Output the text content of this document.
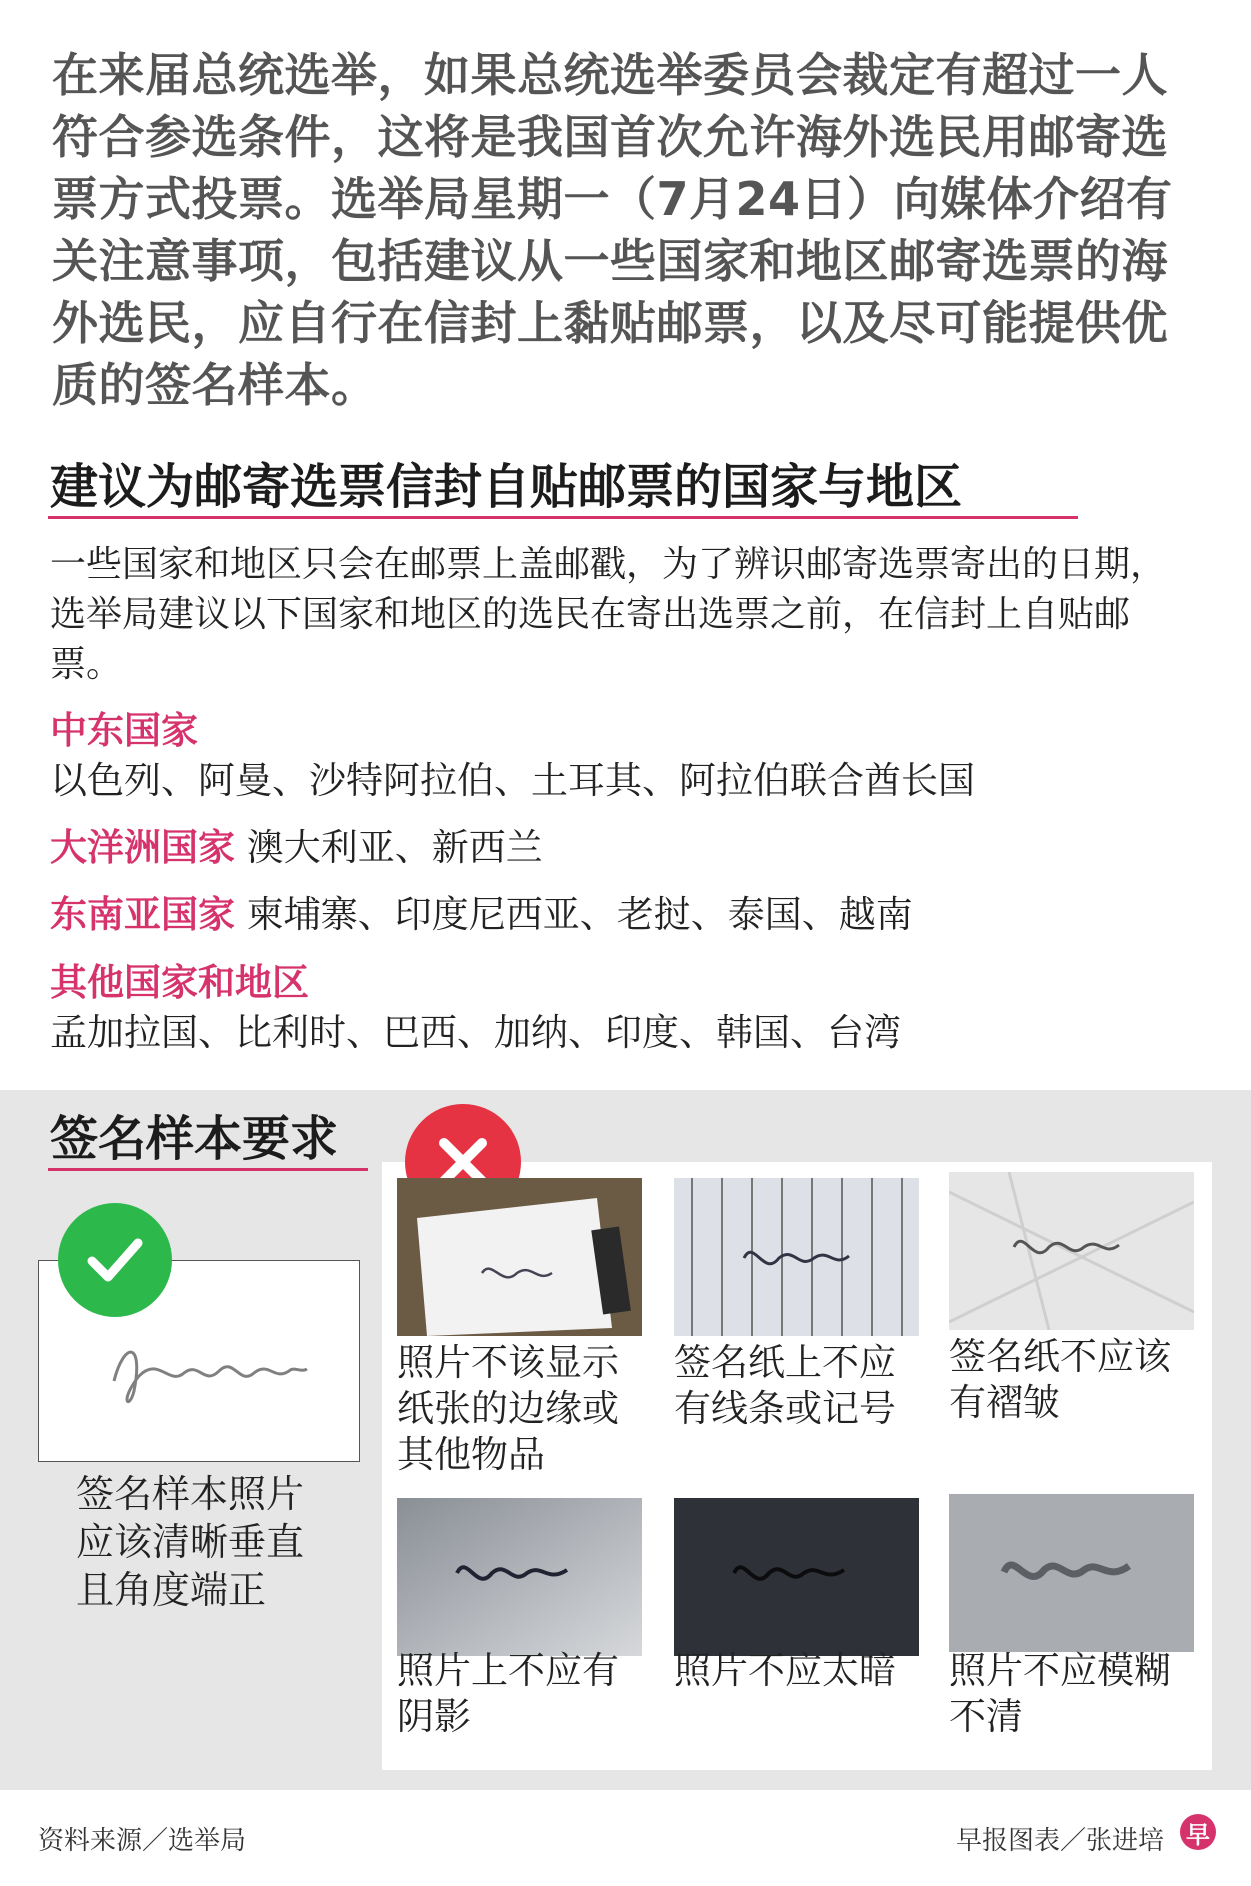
在来届总统选举，如果总统选举委员会裁定有超过一人符合参选条件，这将是我国首次允许海外选民用邮寄选票方式投票。选举局星期一（7月24日）向媒体介绍有关注意事项，包括建议从一些国家和地区邮寄选票的海外选民，应自行在信封上黏贴邮票，以及尽可能提供优质的签名样本。
建议为邮寄选票信封自贴邮票的国家与地区
一些国家和地区只会在邮票上盖邮戳，为了辨识邮寄选票寄出的日期，选举局建议以下国家和地区的选民在寄出选票之前，在信封上自贴邮票。
中东国家
以色列、阿曼、沙特阿拉伯、土耳其、阿拉伯联合酋长国
大洋洲国家 澳大利亚、新西兰
东南亚国家 柬埔寨、印度尼西亚、老挝、泰国、越南
其他国家和地区
孟加拉国、比利时、巴西、加纳、印度、韩国、台湾
签名样本要求
签名样本照片应该清晰垂直且角度端正
照片不该显示纸张的边缘或其他物品
签名纸上不应有线条或记号
签名纸不应该有褶皱
照片上不应有阴影
照片不应太暗	照片不应模糊不清
资料来源／选举局	早报图表／张进培 早
